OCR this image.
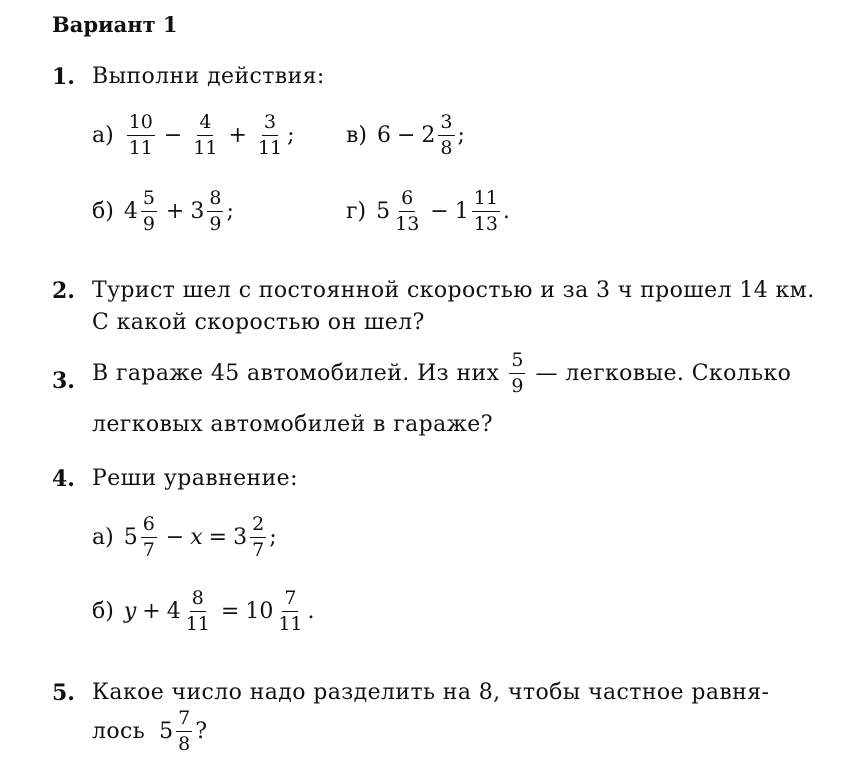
Вариант 1
1. Выполни действия:
$а) \frac{10}{11} - \frac{4}{11} + \frac{3}{11}$ ; в) $6 - 2 \frac{3}{8}$ ;
б) $4 \frac{5}{9} + 3 \frac{8}{9}$ ;	г) $5 \frac{6}{13} - 1 \frac{11}{13}$ .
2. Турист шел с постоянной скоростью и за 3 ч прошел 14 км.
С какой скоростью он шел?
3. В гараже 45 автомобилей. Из них $\frac{5}{9}$ — легковые. Сколько
легковых автомобилей в гараже?
4. Реши уравнение:
а) $5 \frac{6}{7} - x = 3 \frac{2}{7}$ ;
б) $y + 4 \frac{8}{11} = 10 \frac{7}{11}$ .
5. Какое число надо разделить на 8, чтобы частное равня-
лось $5 \frac{7}{8}$ ?
